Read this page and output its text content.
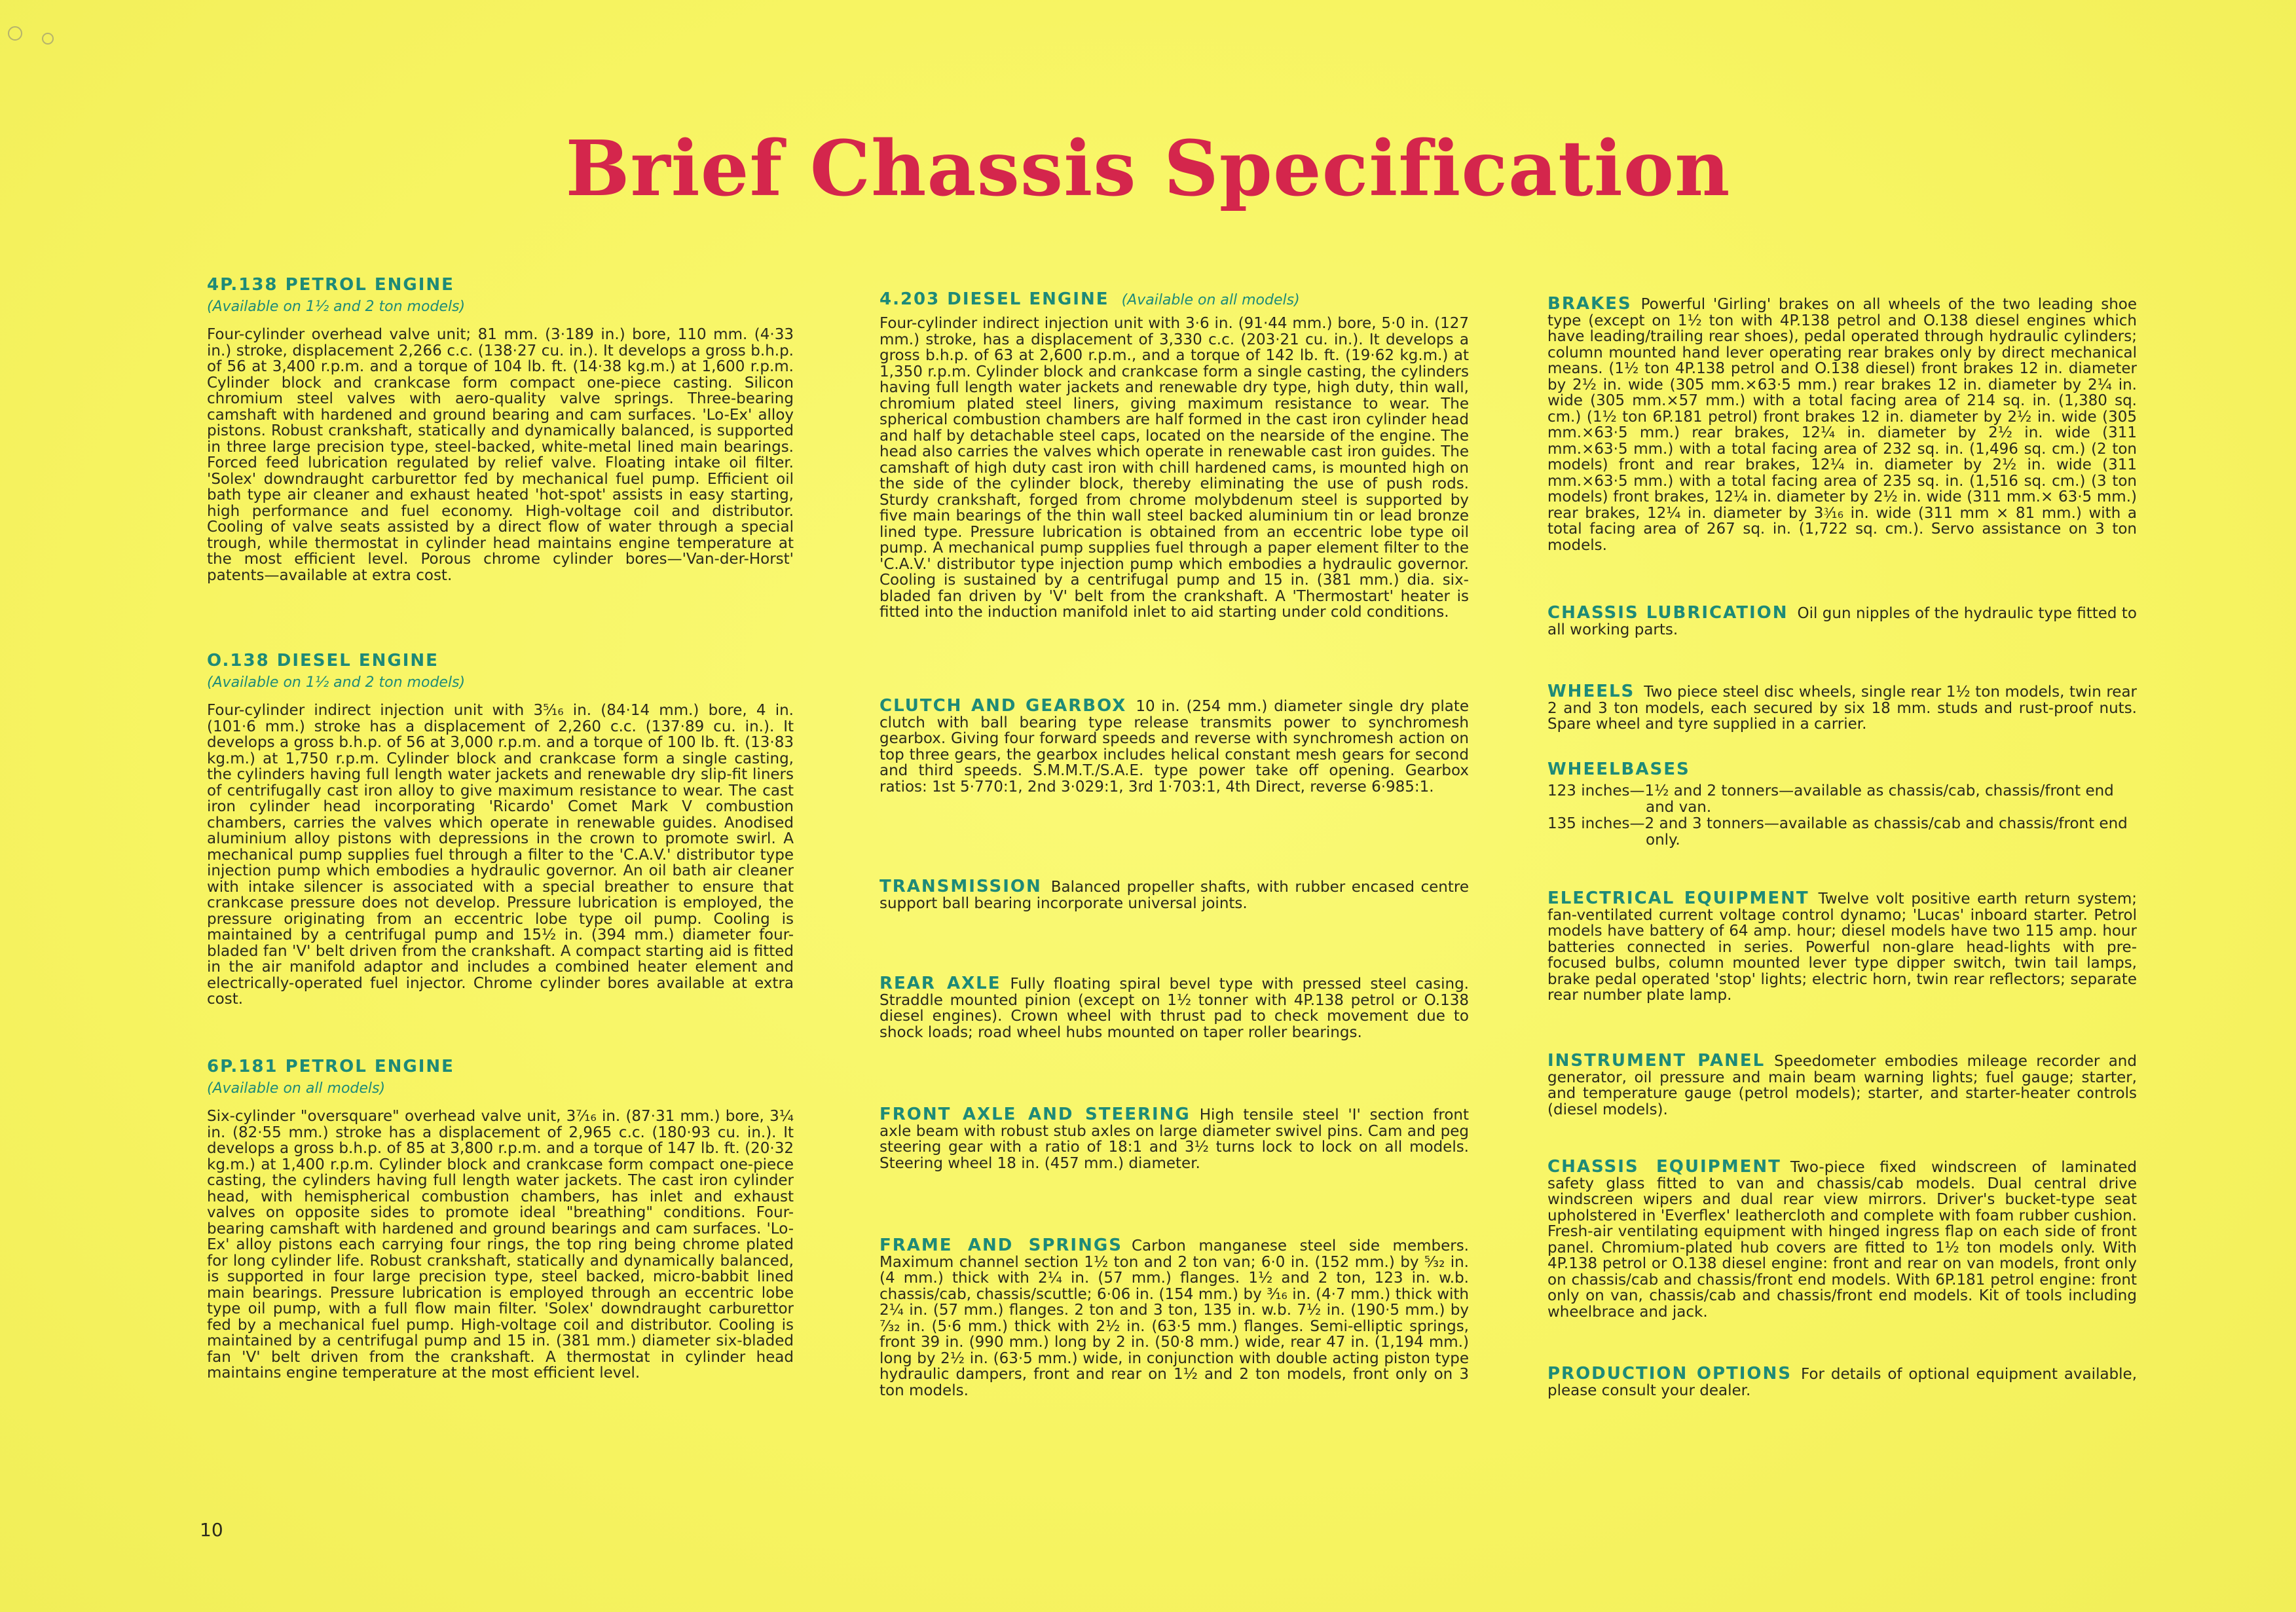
Brief Chassis Specification
4P.138 PETROL ENGINE
(Available on 1½ and 2 ton models)
Four-cylinder overhead valve unit; 81 mm. (3·189 in.) bore, 110 mm. (4·33 in.) stroke, displacement 2,266 c.c. (138·27 cu. in.). It develops a gross b.h.p. of 56 at 3,400 r.p.m. and a torque of 104 lb. ft. (14·38 kg.m.) at 1,600 r.p.m. Cylinder block and crankcase form compact one-piece casting. Silicon chromium steel valves with aero-quality valve springs. Three-bearing camshaft with hardened and ground bearing and cam surfaces. 'Lo-Ex' alloy pistons. Robust crankshaft, statically and dynamically balanced, is supported in three large precision type, steel-backed, white-metal lined main bearings. Forced feed lubrication regulated by relief valve. Floating intake oil filter. 'Solex' downdraught carburettor fed by mechanical fuel pump. Efficient oil bath type air cleaner and exhaust heated 'hot-spot' assists in easy starting, high performance and fuel economy. High-voltage coil and distributor. Cooling of valve seats assisted by a direct flow of water through a special trough, while thermostat in cylinder head maintains engine temperature at the most efficient level. Porous chrome cylinder bores—'Van-der-Horst' patents—available at extra cost.
O.138 DIESEL ENGINE
(Available on 1½ and 2 ton models)
Four-cylinder indirect injection unit with 3⁵⁄₁₆ in. (84·14 mm.) bore, 4 in. (101·6 mm.) stroke has a displacement of 2,260 c.c. (137·89 cu. in.). It develops a gross b.h.p. of 56 at 3,000 r.p.m. and a torque of 100 lb. ft. (13·83 kg.m.) at 1,750 r.p.m. Cylinder block and crankcase form a single casting, the cylinders having full length water jackets and renewable dry slip-fit liners of centrifugally cast iron alloy to give maximum resistance to wear. The cast iron cylinder head incorporating 'Ricardo' Comet Mark V combustion chambers, carries the valves which operate in renewable guides. Anodised aluminium alloy pistons with depressions in the crown to promote swirl. A mechanical pump supplies fuel through a filter to the 'C.A.V.' distributor type injection pump which embodies a hydraulic governor. An oil bath air cleaner with intake silencer is associated with a special breather to ensure that crankcase pressure does not develop. Pressure lubrication is employed, the pressure originating from an eccentric lobe type oil pump. Cooling is maintained by a centrifugal pump and 15½ in. (394 mm.) diameter four-bladed fan 'V' belt driven from the crankshaft. A compact starting aid is fitted in the air manifold adaptor and includes a combined heater element and electrically-operated fuel injector. Chrome cylinder bores available at extra cost.
6P.181 PETROL ENGINE
(Available on all models)
Six-cylinder "oversquare" overhead valve unit, 3⁷⁄₁₆ in. (87·31 mm.) bore, 3¼ in. (82·55 mm.) stroke has a displacement of 2,965 c.c. (180·93 cu. in.). It develops a gross b.h.p. of 85 at 3,800 r.p.m. and a torque of 147 lb. ft. (20·32 kg.m.) at 1,400 r.p.m. Cylinder block and crankcase form compact one-piece casting, the cylinders having full length water jackets. The cast iron cylinder head, with hemispherical combustion chambers, has inlet and exhaust valves on opposite sides to promote ideal "breathing" conditions. Four-bearing camshaft with hardened and ground bearings and cam surfaces. 'Lo-Ex' alloy pistons each carrying four rings, the top ring being chrome plated for long cylinder life. Robust crankshaft, statically and dynamically balanced, is supported in four large precision type, steel backed, micro-babbit lined main bearings. Pressure lubrication is employed through an eccentric lobe type oil pump, with a full flow main filter. 'Solex' downdraught carburettor fed by a mechanical fuel pump. High-voltage coil and distributor. Cooling is maintained by a centrifugal pump and 15 in. (381 mm.) diameter six-bladed fan 'V' belt driven from the crankshaft. A thermostat in cylinder head maintains engine temperature at the most efficient level.
4.203 DIESEL ENGINE (Available on all models)
Four-cylinder indirect injection unit with 3·6 in. (91·44 mm.) bore, 5·0 in. (127 mm.) stroke, has a displacement of 3,330 c.c. (203·21 cu. in.). It develops a gross b.h.p. of 63 at 2,600 r.p.m., and a torque of 142 lb. ft. (19·62 kg.m.) at 1,350 r.p.m. Cylinder block and crankcase form a single casting, the cylinders having full length water jackets and renewable dry type, high duty, thin wall, chromium plated steel liners, giving maximum resistance to wear. The spherical combustion chambers are half formed in the cast iron cylinder head and half by detachable steel caps, located on the nearside of the engine. The head also carries the valves which operate in renewable cast iron guides. The camshaft of high duty cast iron with chill hardened cams, is mounted high on the side of the cylinder block, thereby eliminating the use of push rods. Sturdy crankshaft, forged from chrome molybdenum steel is supported by five main bearings of the thin wall steel backed aluminium tin or lead bronze lined type. Pressure lubrication is obtained from an eccentric lobe type oil pump. A mechanical pump supplies fuel through a paper element filter to the 'C.A.V.' distributor type injection pump which embodies a hydraulic governor. Cooling is sustained by a centrifugal pump and 15 in. (381 mm.) dia. six-bladed fan driven by 'V' belt from the crankshaft. A 'Thermostart' heater is fitted into the induction manifold inlet to aid starting under cold conditions.
CLUTCH AND GEARBOX 10 in. (254 mm.) diameter single dry plate clutch with ball bearing type release transmits power to synchromesh gearbox. Giving four forward speeds and reverse with synchromesh action on top three gears, the gearbox includes helical constant mesh gears for second and third speeds. S.M.M.T./S.A.E. type power take off opening. Gearbox ratios: 1st 5·770:1, 2nd 3·029:1, 3rd 1·703:1, 4th Direct, reverse 6·985:1.
TRANSMISSION Balanced propeller shafts, with rubber encased centre support ball bearing incorporate universal joints.
REAR AXLE Fully floating spiral bevel type with pressed steel casing. Straddle mounted pinion (except on 1½ tonner with 4P.138 petrol or O.138 diesel engines). Crown wheel with thrust pad to check movement due to shock loads; road wheel hubs mounted on taper roller bearings.
FRONT AXLE AND STEERING High tensile steel 'I' section front axle beam with robust stub axles on large diameter swivel pins. Cam and peg steering gear with a ratio of 18:1 and 3½ turns lock to lock on all models. Steering wheel 18 in. (457 mm.) diameter.
FRAME AND SPRINGS Carbon manganese steel side members. Maximum channel section 1½ ton and 2 ton van; 6·0 in. (152 mm.) by ⁵⁄₃₂ in. (4 mm.) thick with 2¼ in. (57 mm.) flanges. 1½ and 2 ton, 123 in. w.b. chassis/cab, chassis/scuttle; 6·06 in. (154 mm.) by ³⁄₁₆ in. (4·7 mm.) thick with 2¼ in. (57 mm.) flanges. 2 ton and 3 ton, 135 in. w.b. 7½ in. (190·5 mm.) by ⁷⁄₃₂ in. (5·6 mm.) thick with 2½ in. (63·5 mm.) flanges. Semi-elliptic springs, front 39 in. (990 mm.) long by 2 in. (50·8 mm.) wide, rear 47 in. (1,194 mm.) long by 2½ in. (63·5 mm.) wide, in conjunction with double acting piston type hydraulic dampers, front and rear on 1½ and 2 ton models, front only on 3 ton models.
BRAKES Powerful 'Girling' brakes on all wheels of the two leading shoe type (except on 1½ ton with 4P.138 petrol and O.138 diesel engines which have leading/trailing rear shoes), pedal operated through hydraulic cylinders; column mounted hand lever operating rear brakes only by direct mechanical means. (1½ ton 4P.138 petrol and O.138 diesel) front brakes 12 in. diameter by 2½ in. wide (305 mm.×63·5 mm.) rear brakes 12 in. diameter by 2¼ in. wide (305 mm.×57 mm.) with a total facing area of 214 sq. in. (1,380 sq. cm.) (1½ ton 6P.181 petrol) front brakes 12 in. diameter by 2½ in. wide (305 mm.×63·5 mm.) rear brakes, 12¼ in. diameter by 2½ in. wide (311 mm.×63·5 mm.) with a total facing area of 232 sq. in. (1,496 sq. cm.) (2 ton models) front and rear brakes, 12¼ in. diameter by 2½ in. wide (311 mm.×63·5 mm.) with a total facing area of 235 sq. in. (1,516 sq. cm.) (3 ton models) front brakes, 12¼ in. diameter by 2½ in. wide (311 mm.× 63·5 mm.) rear brakes, 12¼ in. diameter by 3⁳⁄₁₆ in. wide (311 mm × 81 mm.) with a total facing area of 267 sq. in. (1,722 sq. cm.). Servo assistance on 3 ton models.
CHASSIS LUBRICATION Oil gun nipples of the hydraulic type fitted to all working parts.
WHEELS Two piece steel disc wheels, single rear 1½ ton models, twin rear 2 and 3 ton models, each secured by six 18 mm. studs and rust-proof nuts. Spare wheel and tyre supplied in a carrier.
WHEELBASES
123 inches—1½ and 2 tonners—available as chassis/cab, chassis/front end and van.
135 inches—2 and 3 tonners—available as chassis/cab and chassis/front end only.
ELECTRICAL EQUIPMENT Twelve volt positive earth return system; fan-ventilated current voltage control dynamo; 'Lucas' inboard starter. Petrol models have battery of 64 amp. hour; diesel models have two 115 amp. hour batteries connected in series. Powerful non-glare head-lights with pre-focused bulbs, column mounted lever type dipper switch, twin tail lamps, brake pedal operated 'stop' lights; electric horn, twin rear reflectors; separate rear number plate lamp.
INSTRUMENT PANEL Speedometer embodies mileage recorder and generator, oil pressure and main beam warning lights; fuel gauge; starter, and temperature gauge (petrol models); starter, and starter-heater controls (diesel models).
CHASSIS EQUIPMENT Two-piece fixed windscreen of laminated safety glass fitted to van and chassis/cab models. Dual central drive windscreen wipers and dual rear view mirrors. Driver's bucket-type seat upholstered in 'Everflex' leathercloth and complete with foam rubber cushion. Fresh-air ventilating equipment with hinged ingress flap on each side of front panel. Chromium-plated hub covers are fitted to 1½ ton models only. With 4P.138 petrol or O.138 diesel engine: front and rear on van models, front only on chassis/cab and chassis/front end models. With 6P.181 petrol engine: front only on van, chassis/cab and chassis/front end models. Kit of tools including wheelbrace and jack.
PRODUCTION OPTIONS For details of optional equipment available, please consult your dealer.
10
